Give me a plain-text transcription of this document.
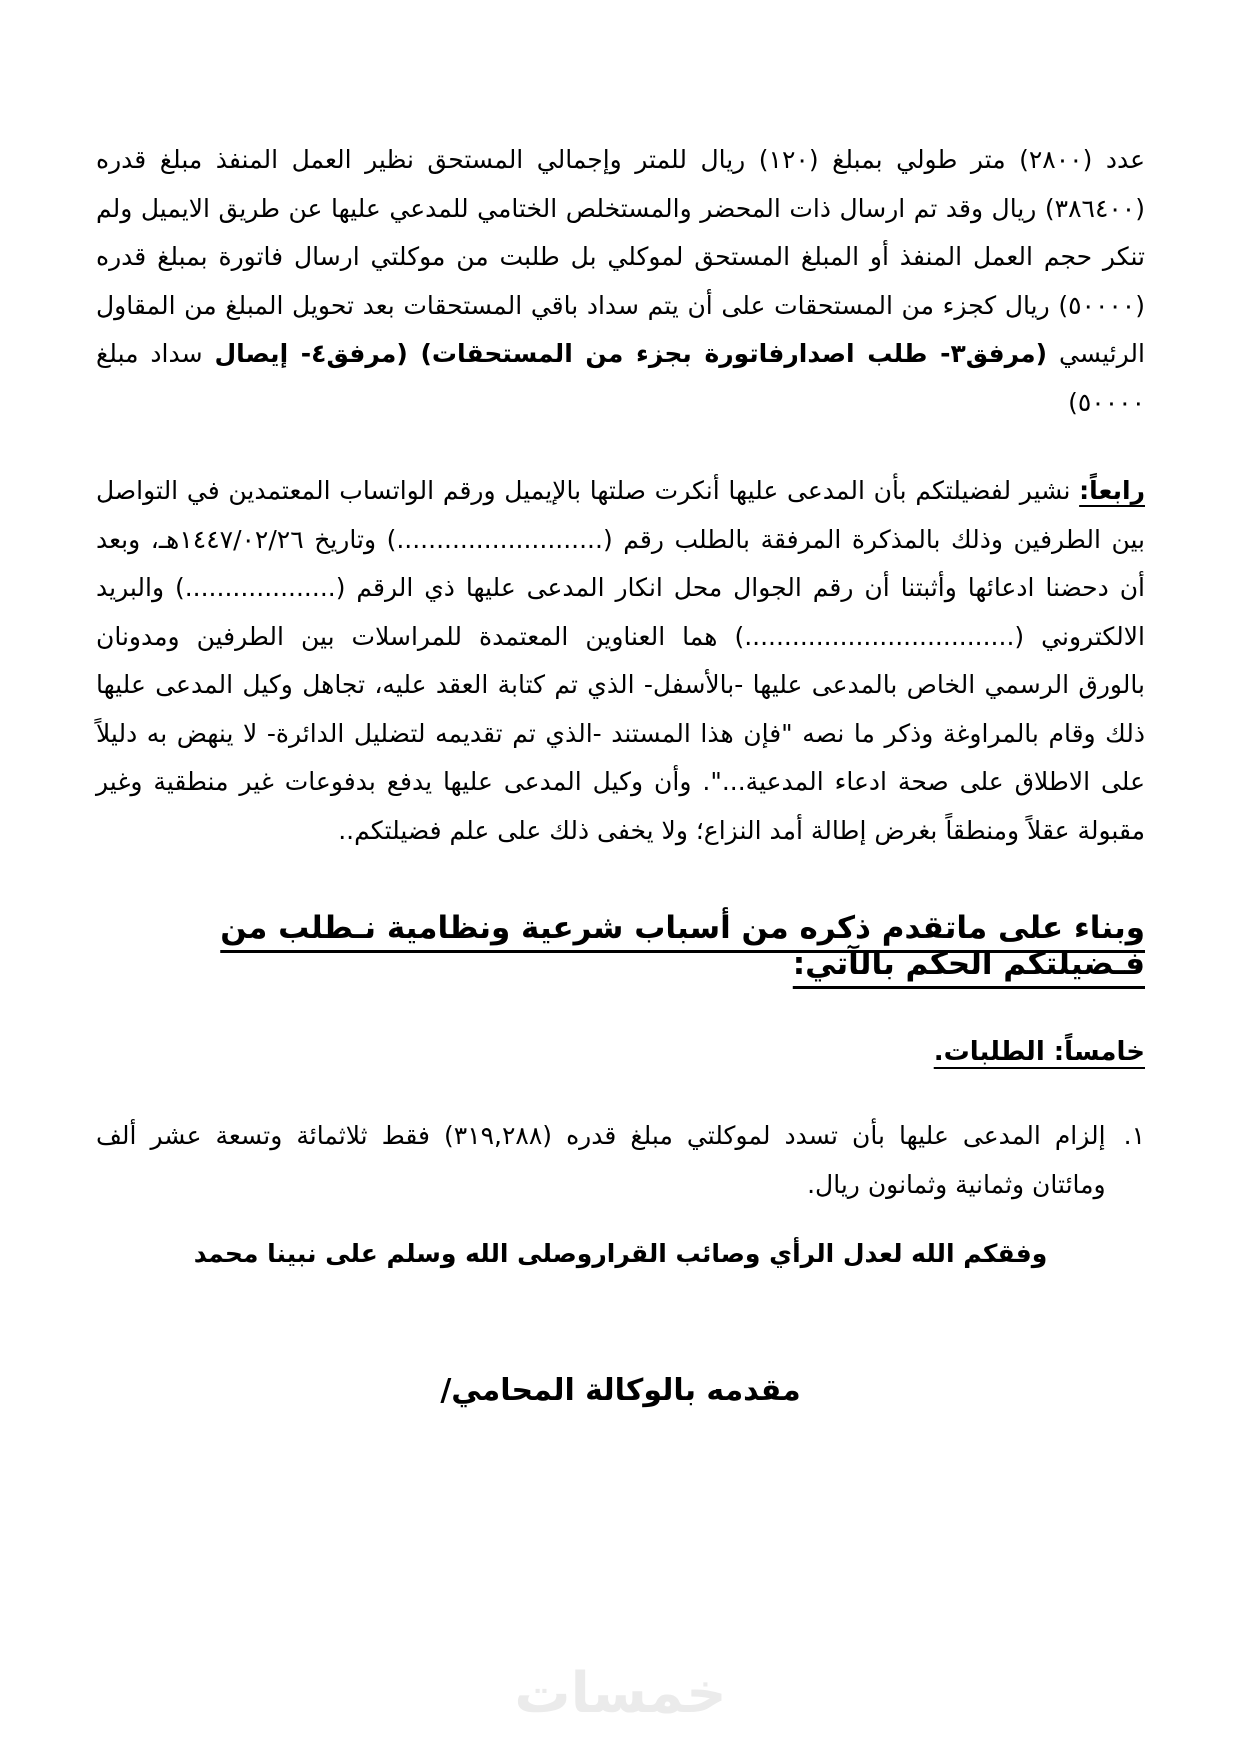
عدد (٢٨٠٠) متر طولي بمبلغ (١٢٠) ريال للمتر وإجمالي المستحق نظير العمل المنفذ مبلغ قدره (٣٨٦٤٠٠) ريال وقد تم ارسال ذات المحضر والمستخلص الختامي للمدعي عليها عن طريق الايميل ولم تنكر حجم العمل المنفذ أو المبلغ المستحق لموكلي بل طلبت من موكلتي ارسال فاتورة بمبلغ قدره (٥٠٠٠٠) ريال كجزء من المستحقات على أن يتم سداد باقي المستحقات بعد تحويل المبلغ من المقاول الرئيسي (مرفق٣- طلب اصدارفاتورة بجزء من المستحقات) (مرفق٤- إيصال سداد مبلغ ٥٠٠٠٠)

رابعاً: نشير لفضيلتكم بأن المدعى عليها أنكرت صلتها بالإيميل ورقم الواتساب المعتمدين في التواصل بين الطرفين وذلك بالمذكرة المرفقة بالطلب رقم (..........................) وتاريخ ١٤٤٧/٠٢/٢٦هـ، وبعد أن دحضنا ادعائها وأثبتنا أن رقم الجوال محل انكار المدعى عليها ذي الرقم (...................) والبريد الالكتروني (..................................) هما العناوين المعتمدة للمراسلات بين الطرفين ومدونان بالورق الرسمي الخاص بالمدعى عليها -بالأسفل- الذي تم كتابة العقد عليه، تجاهل وكيل المدعى عليها ذلك وقام بالمراوغة وذكر ما نصه "فإن هذا المستند -الذي تم تقديمه لتضليل الدائرة- لا ينهض به دليلاً على الاطلاق على صحة ادعاء المدعية...". وأن وكيل المدعى عليها يدفع بدفوعات غير منطقية وغير مقبولة عقلاً ومنطقاً بغرض إطالة أمد النزاع؛ ولا يخفى ذلك على علم فضيلتكم..

وبناء على ماتقدم ذكره من أسباب شرعية ونظامية نـطلب من فـضيلتكم الحكم بالآتي:
خامساً: الطلبات.
١.
إلزام المدعى عليها بأن تسدد لموكلتي مبلغ قدره (٣١٩,٢٨٨) فقط ثلاثمائة وتسعة عشر ألف ومائتان وثمانية وثمانون ريال.
وفقكم الله لعدل الرأي وصائب القراروصلى الله وسلم على نبينا محمد
مقدمه بالوكالة المحامي/
خمسات
